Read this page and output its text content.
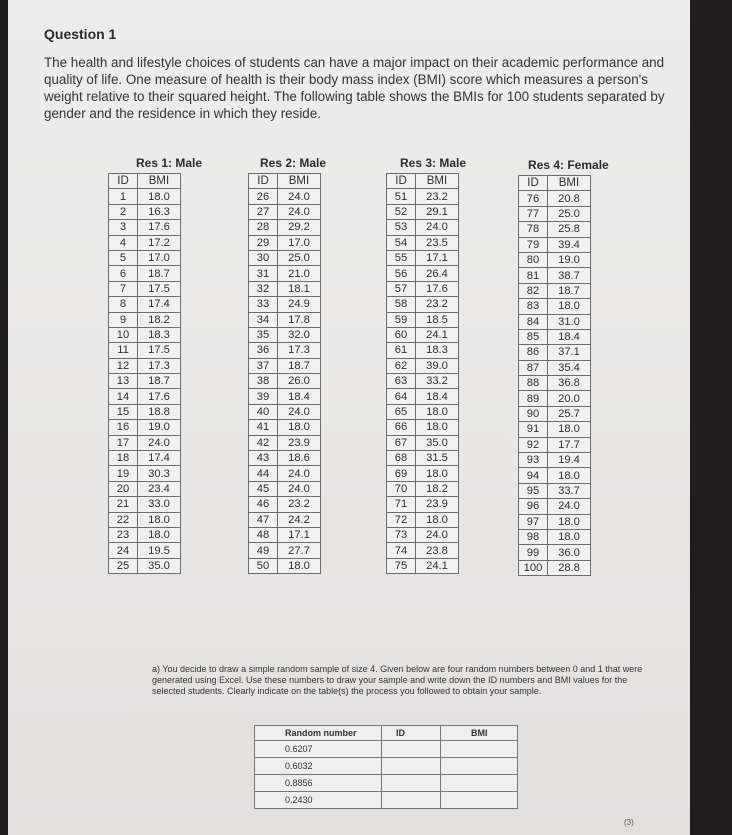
Question 1

The health and lifestyle choices of students can have a major impact on their academic performance and quality of life. One measure of health is their body mass index (BMI) score which measures a person's weight relative to their squared height. The following table shows the BMIs for 100 students separated by gender and the residence in which they reside.

Res 1: Male
ID	BMI
1	18.0
2	16.3
3	17.6
4	17.2
5	17.0
6	18.7
7	17.5
8	17.4
9	18.2
10	18.3
11	17.5
12	17.3
13	18.7
14	17.6
15	18.8
16	19.0
17	24.0
18	17.4
19	30.3
20	23.4
21	33.0
22	18.0
23	18.0
24	19.5
25	35.0
Res 2: Male
ID	BMI
26	24.0
27	24.0
28	29.2
29	17.0
30	25.0
31	21.0
32	18.1
33	24.9
34	17.8
35	32.0
36	17.3
37	18.7
38	26.0
39	18.4
40	24.0
41	18.0
42	23.9
43	18.6
44	24.0
45	24.0
46	23.2
47	24.2
48	17.1
49	27.7
50	18.0
Res 3: Male
ID	BMI
51	23.2
52	29.1
53	24.0
54	23.5
55	17.1
56	26.4
57	17.6
58	23.2
59	18.5
60	24.1
61	18.3
62	39.0
63	33.2
64	18.4
65	18.0
66	18.0
67	35.0
68	31.5
69	18.0
70	18.2
71	23.9
72	18.0
73	24.0
74	23.8
75	24.1
Res 4: Female
ID	BMI
76	20.8
77	25.0
78	25.8
79	39.4
80	19.0
81	38.7
82	18.7
83	18.0
84	31.0
85	18.4
86	37.1
87	35.4
88	36.8
89	20.0
90	25.7
91	18.0
92	17.7
93	19.4
94	18.0
95	33.7
96	24.0
97	18.0
98	18.0
99	36.0
100	28.8

a) You decide to draw a simple random sample of size 4. Given below are four random numbers between 0 and 1 that were generated using Excel. Use these numbers to draw your sample and write down the ID numbers and BMI values for the selected students. Clearly indicate on the table(s) the process you followed to obtain your sample.

Random number	ID	BMI
0.6207		
0.6032		
0.8856		
0.2430		
(3)
